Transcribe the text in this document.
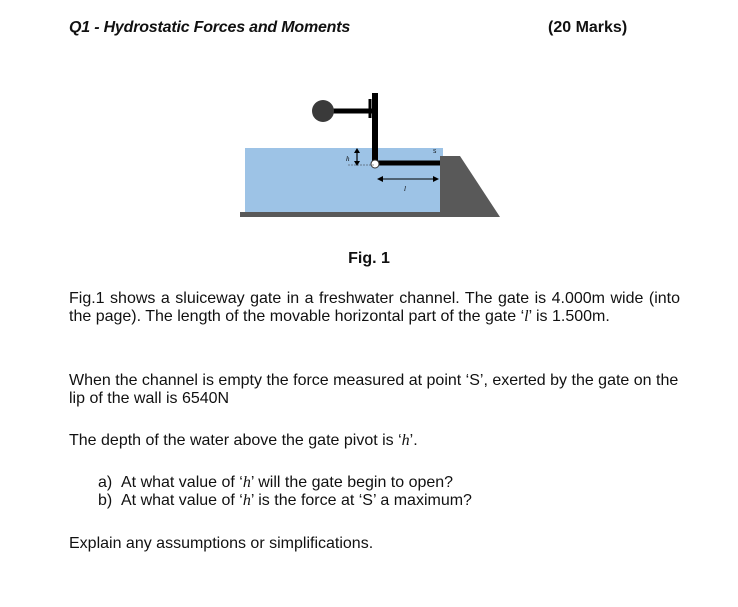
Q1 - Hydrostatic Forces and Moments	(20 Marks)
h
l
S
Fig. 1
Fig.1 shows a sluiceway gate in a freshwater channel. The gate is 4.000m wide (into the page). The length of the movable horizontal part of the gate ‘l’ is 1.500m.
When the channel is empty the force measured at point ‘S’, exerted by the gate on the lip of the wall is 6540N
The depth of the water above the gate pivot is ‘h’.
a) At what value of ‘h’ will the gate begin to open?
b) At what value of ‘h’ is the force at ‘S’ a maximum?
Explain any assumptions or simplifications.
